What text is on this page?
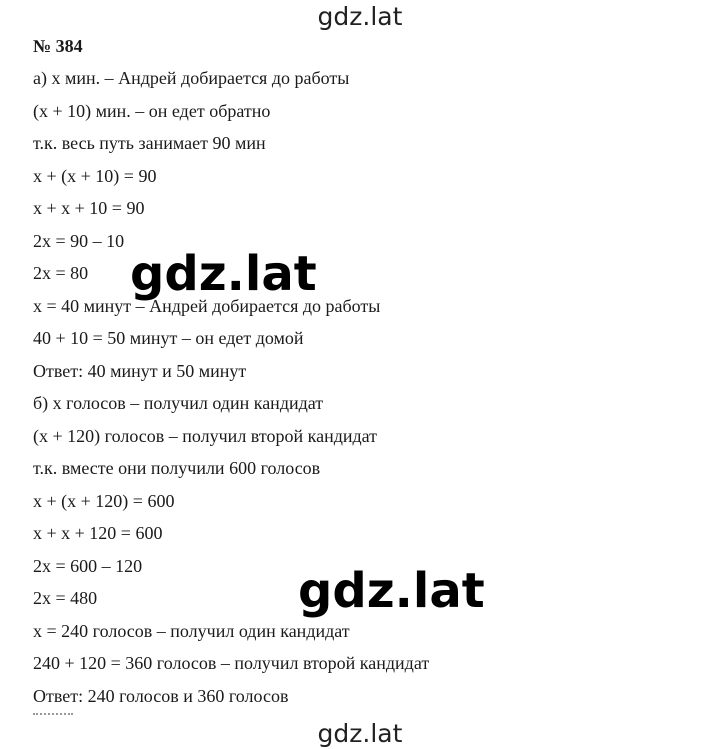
gdz.lat
№ 384
а) х мин. – Андрей добирается до работы
(х + 10) мин. – он едет обратно
т.к. весь путь занимает 90 мин
х + (х + 10) = 90
х + х + 10 = 90
2х = 90 – 10
2х = 80
х = 40 минут – Андрей добирается до работы
40 + 10 = 50 минут – он едет домой
Ответ: 40 минут и 50 минут
б) х голосов – получил один кандидат
(х + 120) голосов – получил второй кандидат
т.к. вместе они получили 600 голосов
х + (х + 120) = 600
х + х + 120 = 600
2х = 600 – 120
2х = 480
х = 240 голосов – получил один кандидат
240 + 120 = 360 голосов – получил второй кандидат
Ответ: 240 голосов и 360 голосов
gdz.lat
gdz.lat
gdz.lat
